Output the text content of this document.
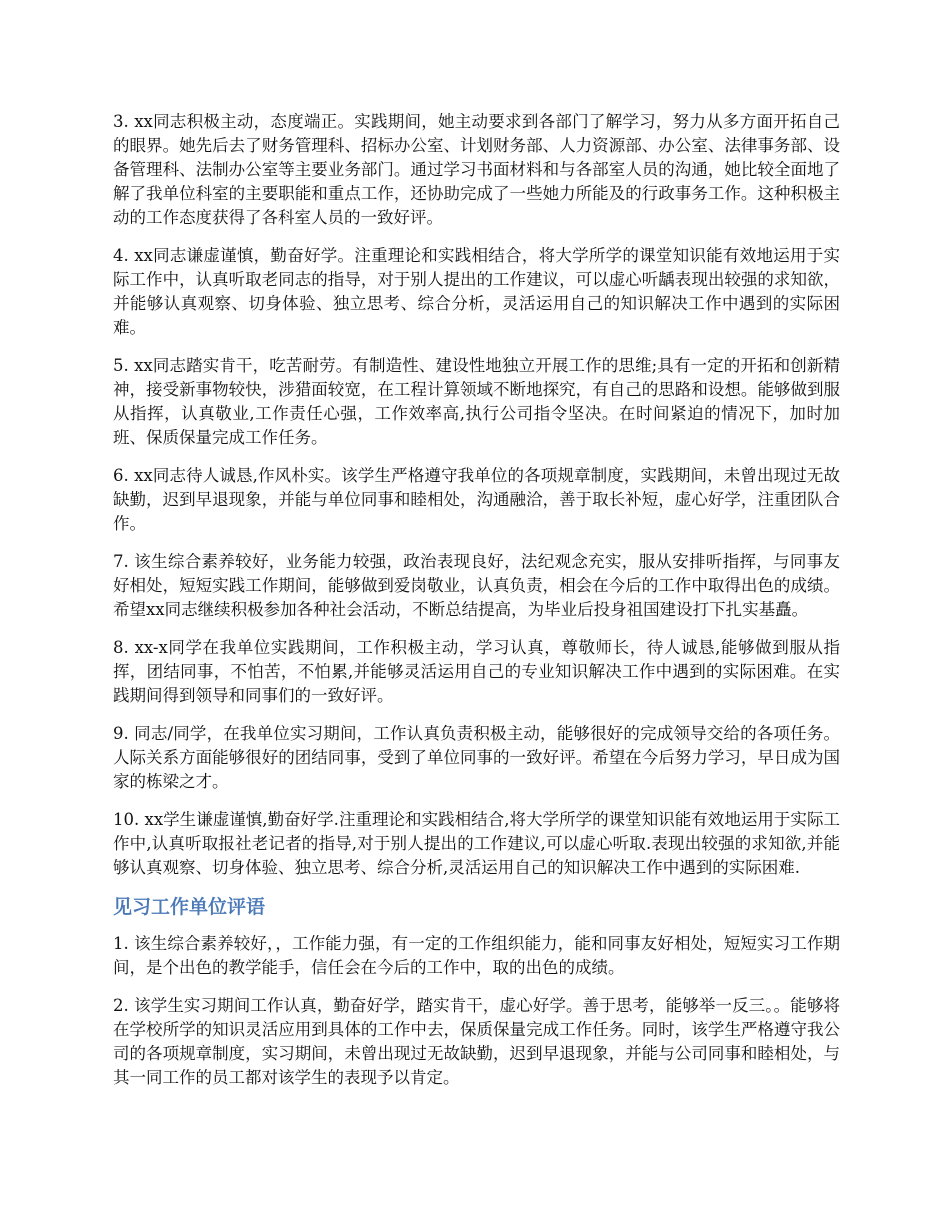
3. xx同志积极主动，态度端正。实践期间，她主动要求到各部门了解学习，努力从多方面开拓自己的眼界。她先后去了财务管理科、招标办公室、计划财务部、人力资源部、办公室、法律事务部、设备管理科、法制办公室等主要业务部门。通过学习书面材料和与各部室人员的沟通，她比较全面地了解了我单位科室的主要职能和重点工作，还协助完成了一些她力所能及的行政事务工作。这种积极主动的工作态度获得了各科室人员的一致好评。

4. xx同志谦虚谨慎，勤奋好学。注重理论和实践相结合，将大学所学的课堂知识能有效地运用于实际工作中，认真听取老同志的指导，对于别人提出的工作建议，可以虚心听龋表现出较强的求知欲，并能够认真观察、切身体验、独立思考、综合分析，灵活运用自己的知识解决工作中遇到的实际困难。

5. xx同志踏实肯干，吃苦耐劳。有制造性、建设性地独立开展工作的思维;具有一定的开拓和创新精神，接受新事物较快，涉猎面较宽，在工程计算领域不断地探究，有自己的思路和设想。能够做到服从指挥，认真敬业,工作责任心强，工作效率高,执行公司指令坚决。在时间紧迫的情况下，加时加班、保质保量完成工作任务。

6. xx同志待人诚恳,作风朴实。该学生严格遵守我单位的各项规章制度，实践期间，未曾出现过无故缺勤，迟到早退现象，并能与单位同事和睦相处，沟通融洽，善于取长补短，虚心好学，注重团队合作。

7. 该生综合素养较好，业务能力较强，政治表现良好，法纪观念充实，服从安排听指挥，与同事友好相处，短短实践工作期间，能够做到爱岗敬业，认真负责，相会在今后的工作中取得出色的成绩。希望xx同志继续积极参加各种社会活动，不断总结提高，为毕业后投身祖国建设打下扎实基矗。

8. xx-x同学在我单位实践期间，工作积极主动，学习认真，尊敬师长，待人诚恳,能够做到服从指挥，团结同事，不怕苦，不怕累,并能够灵活运用自己的专业知识解决工作中遇到的实际困难。在实践期间得到领导和同事们的一致好评。

9. 同志/同学，在我单位实习期间，工作认真负责积极主动，能够很好的完成领导交给的各项任务。人际关系方面能够很好的团结同事，受到了单位同事的一致好评。希望在今后努力学习，早日成为国家的栋梁之才。

10. xx学生谦虚谨慎,勤奋好学.注重理论和实践相结合,将大学所学的课堂知识能有效地运用于实际工作中,认真听取报社老记者的指导,对于别人提出的工作建议,可以虚心听取.表现出较强的求知欲,并能够认真观察、切身体验、独立思考、综合分析,灵活运用自己的知识解决工作中遇到的实际困难.

见习工作单位评语

1. 该生综合素养较好，，工作能力强，有一定的工作组织能力，能和同事友好相处，短短实习工作期间，是个出色的教学能手，信任会在今后的工作中，取的出色的成绩。

2. 该学生实习期间工作认真，勤奋好学，踏实肯干，虚心好学。善于思考，能够举一反三。。能够将在学校所学的知识灵活应用到具体的工作中去，保质保量完成工作任务。同时，该学生严格遵守我公司的各项规章制度，实习期间，未曾出现过无故缺勤，迟到早退现象，并能与公司同事和睦相处，与其一同工作的员工都对该学生的表现予以肯定。
